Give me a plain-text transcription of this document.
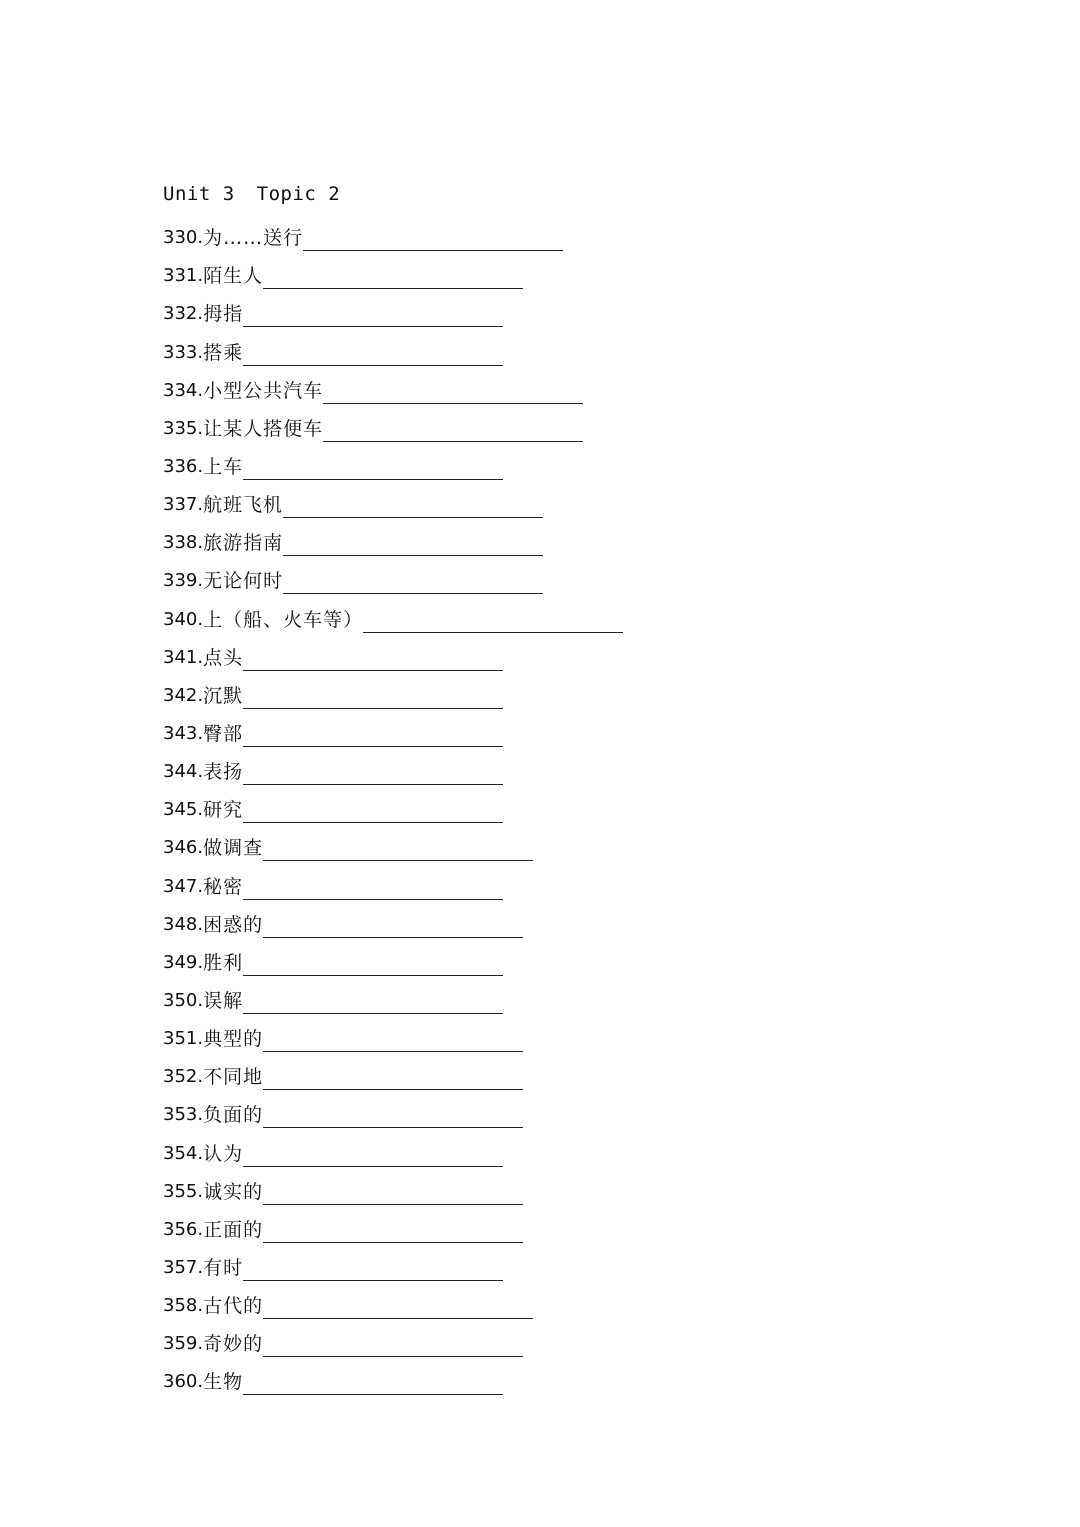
Unit 3 Topic 2
330. 为……送行
331. 陌生人
332. 拇指
333. 搭乘
334. 小型公共汽车
335. 让某人搭便车
336. 上车
337. 航班飞机
338. 旅游指南
339. 无论何时
340. 上（船、火车等）
341. 点头
342. 沉默
343. 臀部
344. 表扬
345. 研究
346. 做调查
347. 秘密
348. 困惑的
349. 胜利
350. 误解
351. 典型的
352. 不同地
353. 负面的
354. 认为
355. 诚实的
356. 正面的
357. 有时
358. 古代的
359. 奇妙的
360. 生物
